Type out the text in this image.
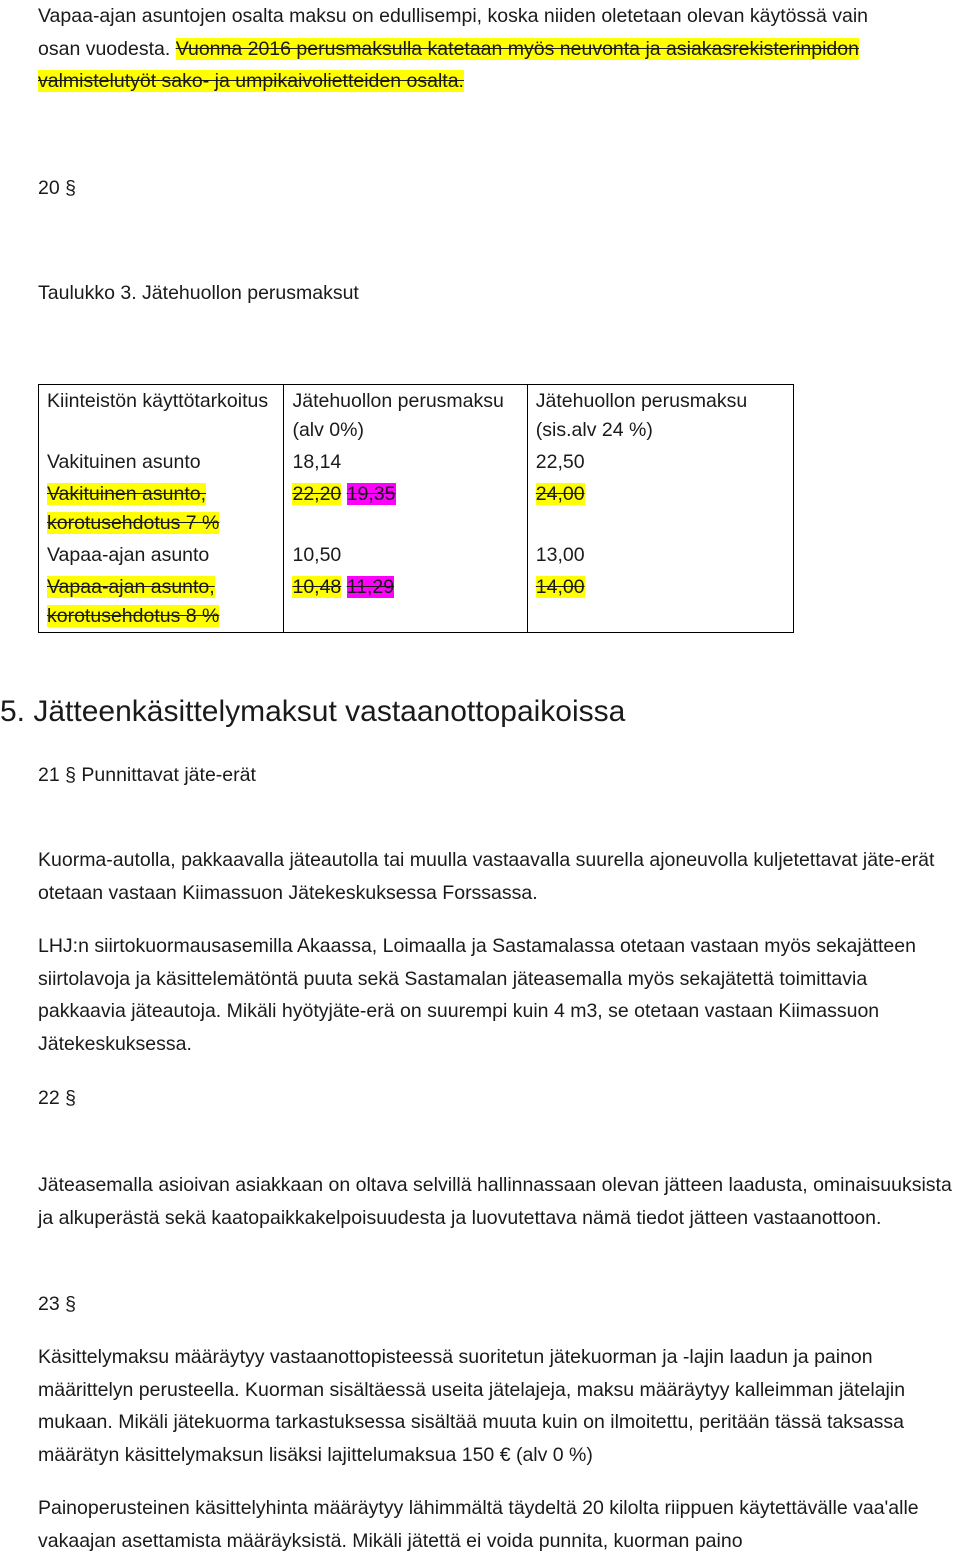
Vapaa-ajan asuntojen osalta maksu on edullisempi, koska niiden oletetaan olevan käytössä vain
osan vuodesta. Vuonna 2016 perusmaksulla katetaan myös neuvonta ja asiakasrekisterinpidon
valmistelutyöt sako- ja umpikaivolietteiden osalta.
20 §
Taulukko 3. Jätehuollon perusmaksut
Kiinteistön käyttötarkoitus	Jätehuollon perusmaksu (alv 0%)	Jätehuollon perusmaksu (sis.alv 24 %)
Vakituinen asunto	18,14	22,50
Vakituinen asunto, korotusehdotus 7 %	22,20 19,35	24,00
Vapaa-ajan asunto	10,50	13,00
Vapaa-ajan asunto, korotusehdotus 8 %	10,48 11,29	14,00
5. Jätteenkäsittelymaksut vastaanottopaikoissa
21 § Punnittavat jäte-erät
Kuorma-autolla, pakkaavalla jäteautolla tai muulla vastaavalla suurella ajoneuvolla kuljetettavat jäte-erät otetaan vastaan Kiimassuon Jätekeskuksessa Forssassa.
LHJ:n siirtokuormausasemilla Akaassa, Loimaalla ja Sastamalassa otetaan vastaan myös sekajätteen siirtolavoja ja käsittelemätöntä puuta sekä Sastamalan jäteasemalla myös sekajätettä toimittavia pakkaavia jäteautoja. Mikäli hyötyjäte-erä on suurempi kuin 4 m3, se otetaan vastaan Kiimassuon Jätekeskuksessa.
22 §
Jäteasemalla asioivan asiakkaan on oltava selvillä hallinnassaan olevan jätteen laadusta, ominaisuuksista ja alkuperästä sekä kaatopaikkakelpoisuudesta ja luovutettava nämä tiedot jätteen vastaanottoon.
23 §
Käsittelymaksu määräytyy vastaanottopisteessä suoritetun jätekuorman ja -lajin laadun ja painon määrittelyn perusteella. Kuorman sisältäessä useita jätelajeja, maksu määräytyy kalleimman jätelajin mukaan. Mikäli jätekuorma tarkastuksessa sisältää muuta kuin on ilmoitettu, peritään tässä taksassa määrätyn käsittelymaksun lisäksi lajittelumaksua 150 € (alv 0 %)
Painoperusteinen käsittelyhinta määräytyy lähimmältä täydeltä 20 kilolta riippuen käytettävälle vaa'alle vakaajan asettamista määräyksistä. Mikäli jätettä ei voida punnita, kuorman paino
